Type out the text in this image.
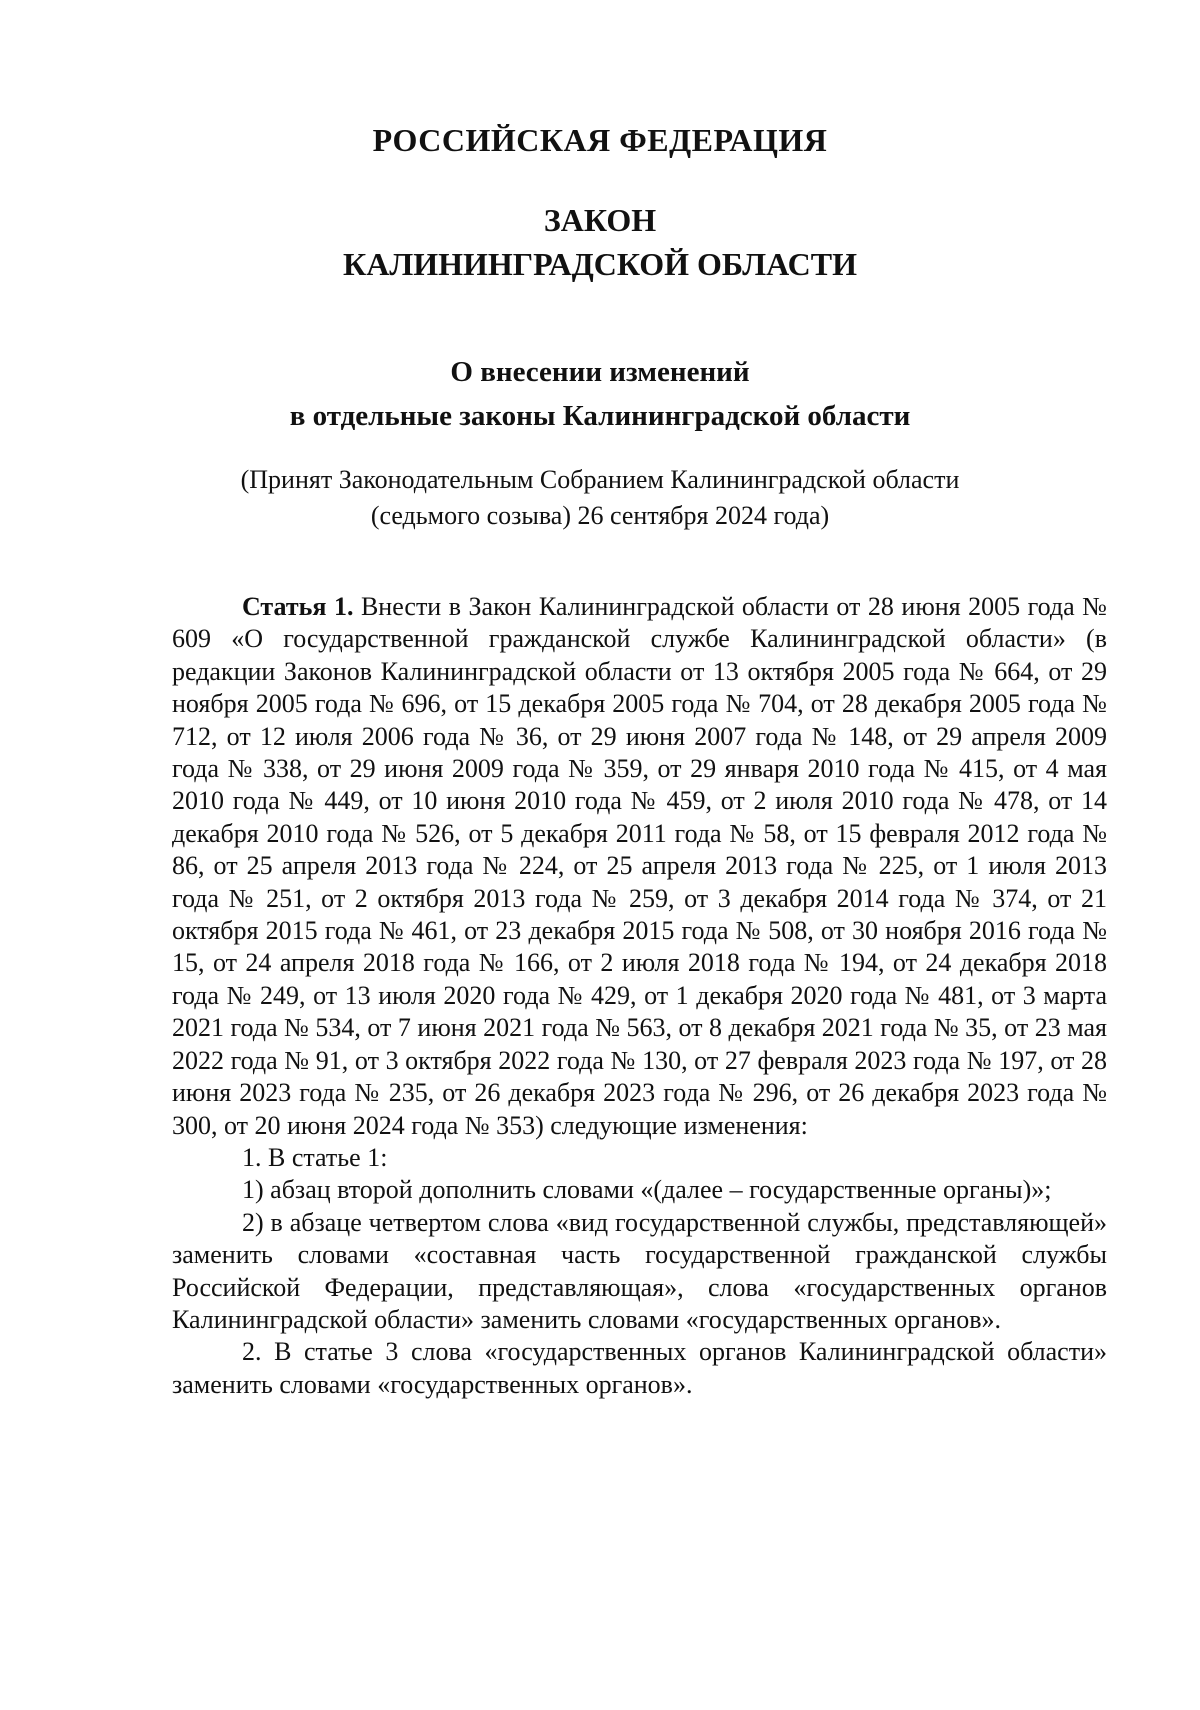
РОССИЙСКАЯ ФЕДЕРАЦИЯ
ЗАКОН
КАЛИНИНГРАДСКОЙ ОБЛАСТИ
О внесении изменений
в отдельные законы Калининградской области
(Принят Законодательным Собранием Калининградской области
(седьмого созыва) 26 сентября 2024 года)

Статья 1. Внести в Закон Калининградской области от 28 июня 2005 года № 609 «О государственной гражданской службе Калининградской области» (в редакции Законов Калининградской области от 13 октября 2005 года № 664, от 29 ноября 2005 года № 696, от 15 декабря 2005 года № 704, от 28 декабря 2005 года № 712, от 12 июля 2006 года № 36, от 29 июня 2007 года № 148, от 29 апреля 2009 года № 338, от 29 июня 2009 года № 359, от 29 января 2010 года № 415, от 4 мая 2010 года № 449, от 10 июня 2010 года № 459, от 2 июля 2010 года № 478, от 14 декабря 2010 года № 526, от 5 декабря 2011 года № 58, от 15 февраля 2012 года № 86, от 25 апреля 2013 года № 224, от 25 апреля 2013 года № 225, от 1 июля 2013 года № 251, от 2 октября 2013 года № 259, от 3 декабря 2014 года № 374, от 21 октября 2015 года № 461, от 23 декабря 2015 года № 508, от 30 ноября 2016 года № 15, от 24 апреля 2018 года № 166, от 2 июля 2018 года № 194, от 24 декабря 2018 года № 249, от 13 июля 2020 года № 429, от 1 декабря 2020 года № 481, от 3 марта 2021 года № 534, от 7 июня 2021 года № 563, от 8 декабря 2021 года № 35, от 23 мая 2022 года № 91, от 3 октября 2022 года № 130, от 27 февраля 2023 года № 197, от 28 июня 2023 года № 235, от 26 декабря 2023 года № 296, от 26 декабря 2023 года № 300, от 20 июня 2024 года № 353) следующие изменения:

1. В статье 1:

1) абзац второй дополнить словами «(далее – государственные органы)»;

2) в абзаце четвертом слова «вид государственной службы, представляющей» заменить словами «составная часть государственной гражданской службы Российской Федерации, представляющая», слова «государственных органов Калининградской области» заменить словами «государственных органов».

2. В статье 3 слова «государственных органов Калининградской области» заменить словами «государственных органов».
